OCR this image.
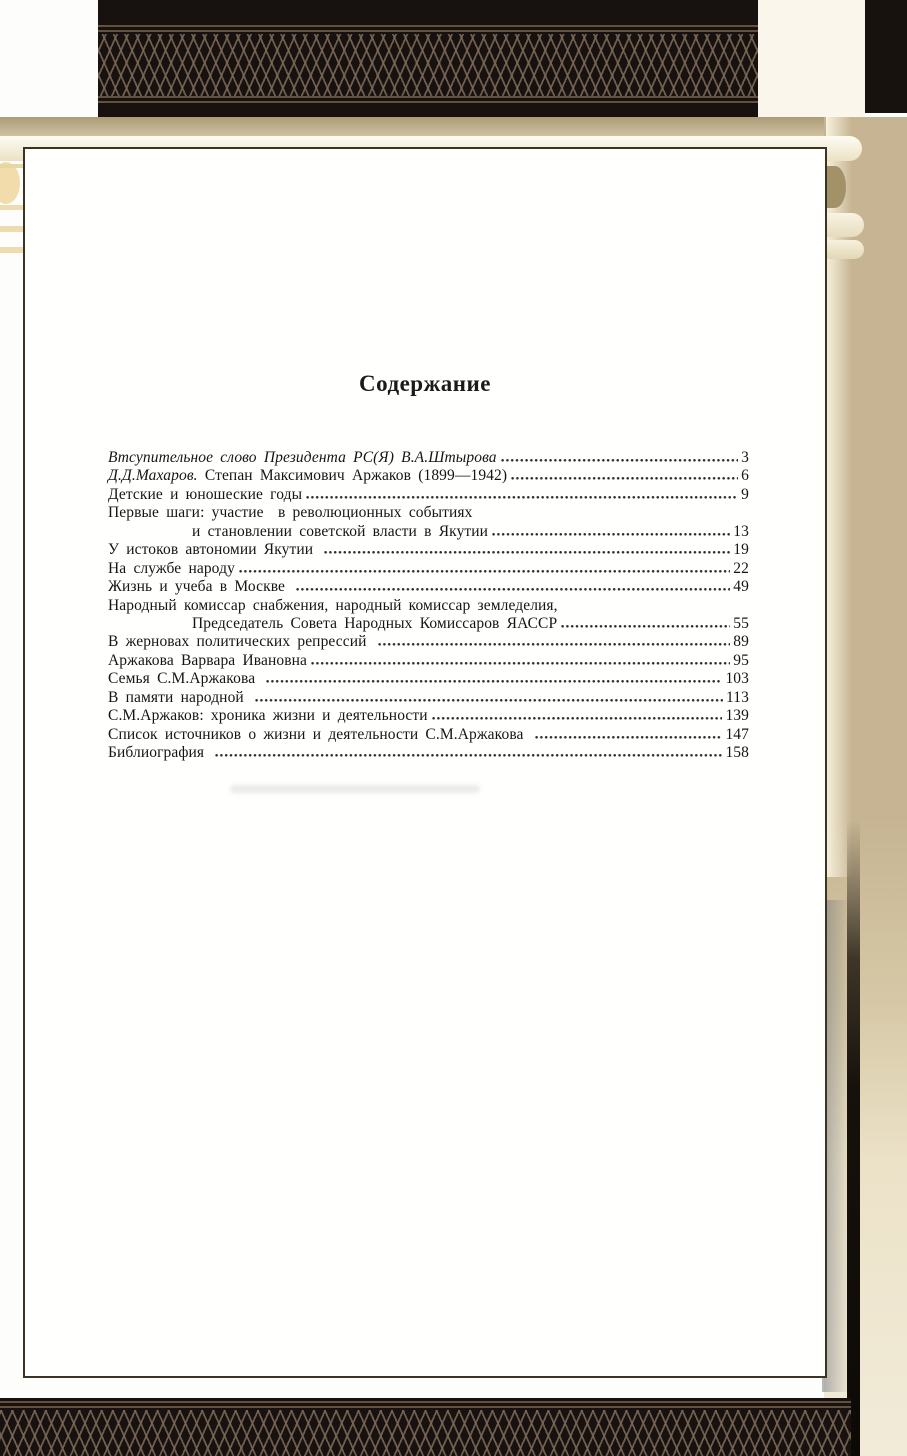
Содержание
Втсупительное слово Президента РС(Я) В.А.Штырова	3
Д.Д.Махаров. Степан Максимович Аржаков (1899—1942)	6
Детские и юношеские годы	9
Первые шаги: участие  в революционных событиях
и становлении советской власти в Якутии	13
У истоков автономии Якутии	19
На службе народу	22
Жизнь и учеба в Москве	49
Народный комиссар снабжения, народный комиссар земледелия,
Председатель Совета Народных Комиссаров ЯАССР	55
В жерновах политических репрессий	89
Аржакова Варвара Ивановна	95
Семья С.М.Аржакова	103
В памяти народной	113
С.М.Аржаков: хроника жизни и деятельности	139
Список источников о жизни и деятельности С.М.Аржакова	147
Библиография	158
